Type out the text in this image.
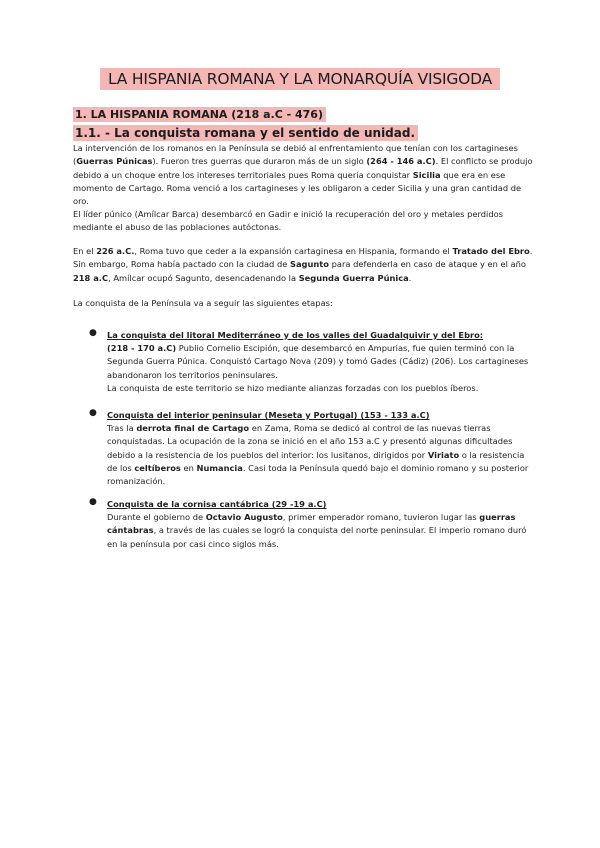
LA HISPANIA ROMANA Y LA MONARQUÍA VISIGODA
1. LA HISPANIA ROMANA (218 a.C - 476)
1.1. - La conquista romana y el sentido de unidad.

La intervención de los romanos en la Península se debió al enfrentamiento que tenían con los cartagineses (Guerras Púnicas). Fueron tres guerras que duraron más de un siglo (264 - 146 a.C). El conflicto se produjo debido a un choque entre los intereses territoriales pues Roma quería conquistar Sicilia que era en ese momento de Cartago. Roma venció a los cartagineses y les obligaron a ceder Sicilia y una gran cantidad de oro.

El líder púnico (Amílcar Barca) desembarcó en Gadir e inició la recuperación del oro y metales perdidos mediante el abuso de las poblaciones autóctonas.

En el 226 a.C., Roma tuvo que ceder a la expansión cartaginesa en Hispania, formando el Tratado del Ebro. Sin embargo, Roma había pactado con la ciudad de Sagunto para defenderla en caso de ataque y en el año 218 a.C, Amílcar ocupó Sagunto, desencadenando la Segunda Guerra Púnica.

La conquista de la Península va a seguir las siguientes etapas:

● La conquista del litoral Mediterráneo y de los valles del Guadalquivir y del Ebro:

(218 - 170 a.C) Publio Cornelio Escipión, que desembarcó en Ampurias, fue quien terminó con la Segunda Guerra Púnica. Conquistó Cartago Nova (209) y tomó Gades (Cádiz) (206). Los cartagineses abandonaron los territorios peninsulares.

La conquista de este territorio se hizo mediante alianzas forzadas con los pueblos íberos.

● Conquista del interior peninsular (Meseta y Portugal) (153 - 133 a.C)

Tras la derrota final de Cartago en Zama, Roma se dedicó al control de las nuevas tierras conquistadas. La ocupación de la zona se inició en el año 153 a.C y presentó algunas dificultades debido a la resistencia de los pueblos del interior: los lusitanos, dirigidos por Viriato o la resistencia de los celtíberos en Numancia. Casi toda la Península quedó bajo el dominio romano y su posterior romanización.

● Conquista de la cornisa cantábrica (29 -19 a.C)

Durante el gobierno de Octavio Augusto, primer emperador romano, tuvieron lugar las guerras cántabras, a través de las cuales se logró la conquista del norte peninsular. El imperio romano duró en la península por casi cinco siglos más.
